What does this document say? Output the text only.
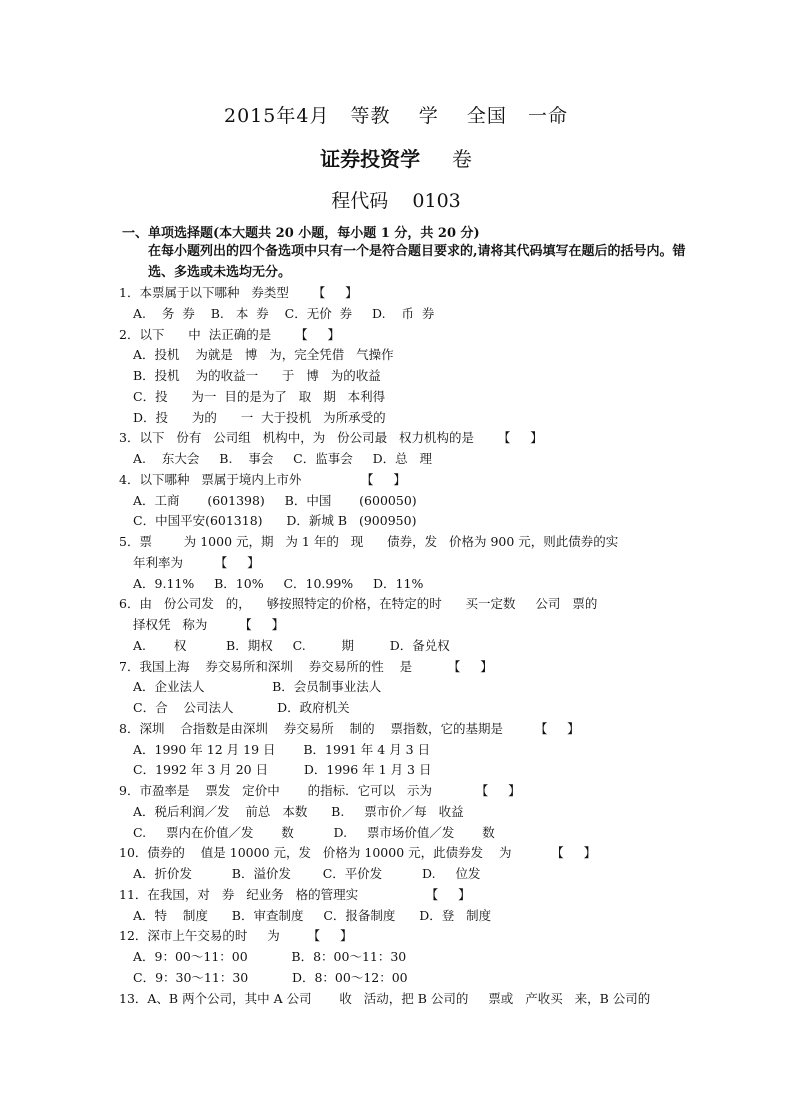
2015年4月   等教    学    全国   一命
证券投资学     卷
程代码    0103
一、单项选择题(本大题共 20 小题，每小题 1 分，共 20 分)
在每小题列出的四个备选项中只有一个是符合题目要求的,请将其代码填写在题后的括号内。错选、多选或未选均无分。
1．本票属于以下哪种   券类型      【     】
A.    务  券    B.   本  券    C．无价  券     D.    币  券
2．以下      中  法正确的是      【     】
A．投机    为就是   博   为，完全凭借   气操作
B．投机    为的收益一      于   博   为的收益
C．投      为一  目的是为了   取   期   本利得
D．投      为的      一  大于投机   为所承受的
3．以下   份有   公司组   机构中，为   份公司最   权力机构的是      【     】
A.    东大会     B.    事会     C．监事会     D．总   理
4．以下哪种   票属于境内上市外               【     】
A．工商       (601398)     B．中国       (600050)
C．中国平安(601318)      D．新城 B   (900950)
5．票        为 1000 元，期   为 1 年的   现      债券，发   价格为 900 元，则此债券的实
年利率为        【     】
A．9.11%     B．10%     C．10.99%     D．11%
6．由   份公司发   的，    够按照特定的价格，在特定的时      买一定数     公司   票的
择权凭   称为        【     】
A.       权          B．期权     C.         期         D．备兑权
7．我国上海    券交易所和深圳    券交易所的性    是         【     】
A．企业法人                 B．会员制事业法人
C．合    公司法人           D．政府机关
8．深圳    合指数是由深圳    券交易所    制的    票指数，它的基期是        【     】
A．1990 年 12 月 19 日       B．1991 年 4 月 3 日
C．1992 年 3 月 20 日         D．1996 年 1 月 3 日
9．市盈率是    票发   定价中       的指标．它可以   示为           【     】
A．税后利润／发    前总   本数      B.     票市价／每   收益
C.     票内在价值／发       数          D.     票市场价值／发       数
10．债券的    值是 10000 元，发   价格为 10000 元，此债券发    为          【     】
A．折价发          B．溢价发        C．平价发          D.     位发
11．在我国，对   券   纪业务   格的管理实                 【     】
A．特    制度      B．审查制度     C．报备制度      D．登   制度
12．深市上午交易的时     为       【     】
A．9：00～11：00           B．8：00～11：30
C．9：30～11：30           D．8：00～12：00
13．A、B 两个公司，其中 A 公司       收   活动，把 B 公司的     票或   产收买   来，B 公司的
